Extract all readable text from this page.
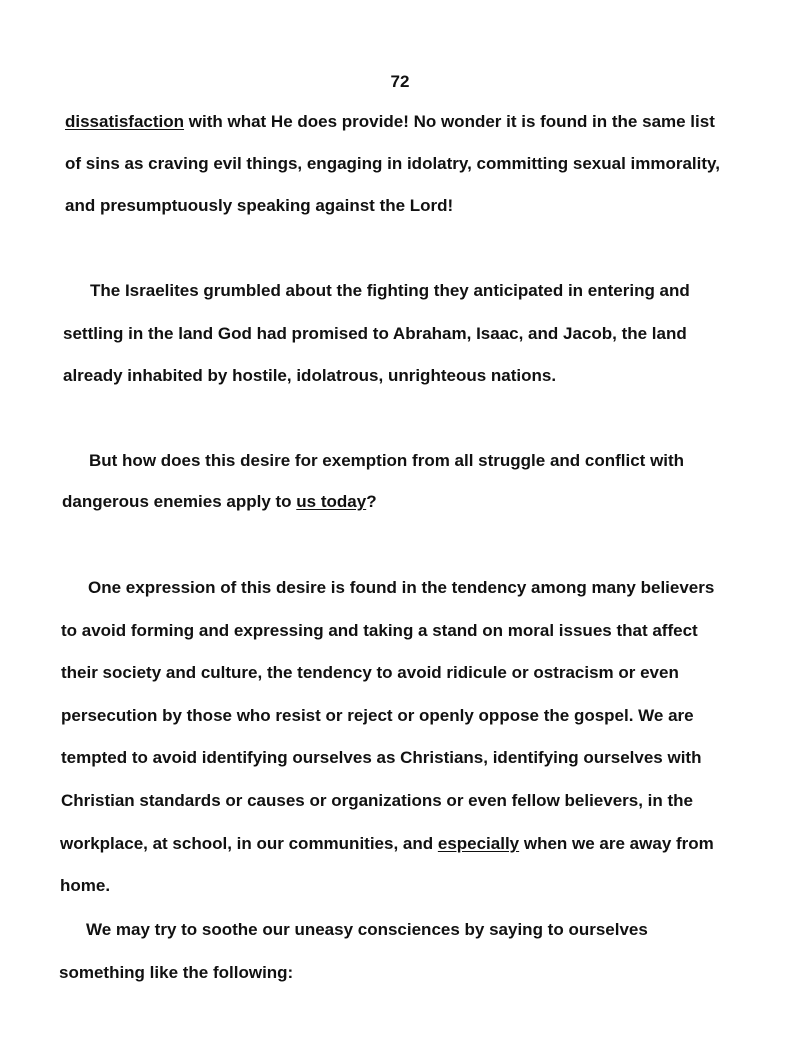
72
dissatisfaction with what He does provide! No wonder it is found in the same list
of sins as craving evil things, engaging in idolatry, committing sexual immorality,
and presumptuously speaking against the Lord!
The Israelites grumbled about the fighting they anticipated in entering and
settling in the land God had promised to Abraham, Isaac, and Jacob, the land
already inhabited by hostile, idolatrous, unrighteous nations.
But how does this desire for exemption from all struggle and conflict with
dangerous enemies apply to us today?
One expression of this desire is found in the tendency among many believers
to avoid forming and expressing and taking a stand on moral issues that affect
their society and culture, the tendency to avoid ridicule or ostracism or even
persecution by those who resist or reject or openly oppose the gospel. We are
tempted to avoid identifying ourselves as Christians, identifying ourselves with
Christian standards or causes or organizations or even fellow believers, in the
workplace, at school, in our communities, and especially when we are away from
home.
We may try to soothe our uneasy consciences by saying to ourselves
something like the following:
